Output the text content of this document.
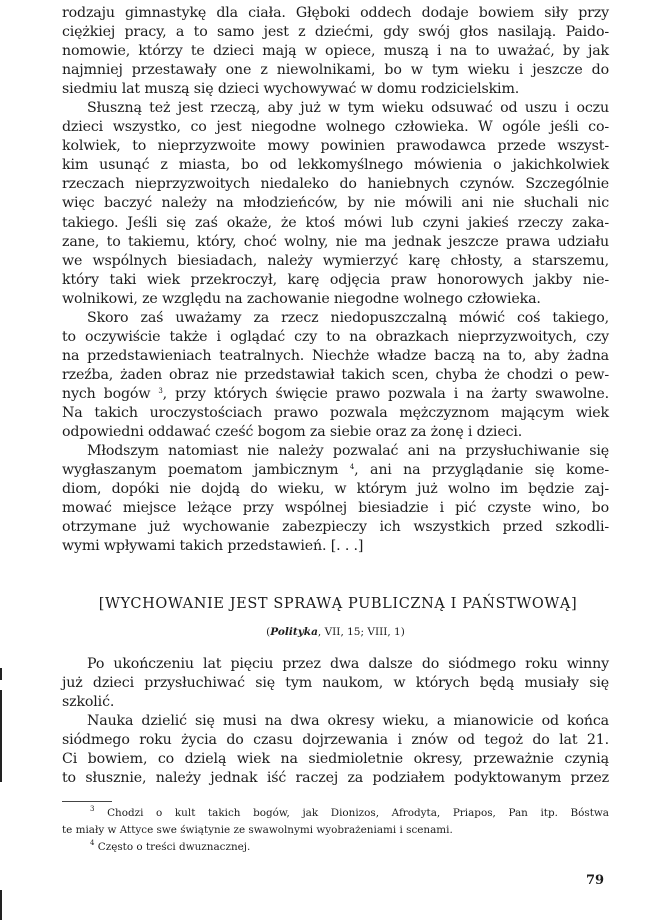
rodzaju gimnastykę dla ciała. Głęboki oddech dodaje bowiem siły przy
ciężkiej pracy, a to samo jest z dziećmi, gdy swój głos nasilają. Paido-
nomowie, którzy te dzieci mają w opiece, muszą i na to uważać, by jak
najmniej przestawały one z niewolnikami, bo w tym wieku i jeszcze do
siedmiu lat muszą się dzieci wychowywać w domu rodzicielskim.
Słuszną też jest rzeczą, aby już w tym wieku odsuwać od uszu i oczu
dzieci wszystko, co jest niegodne wolnego człowieka. W ogóle jeśli co-
kolwiek, to nieprzyzwoite mowy powinien prawodawca przede wszyst-
kim usunąć z miasta, bo od lekkomyślnego mówienia o jakichkolwiek
rzeczach nieprzyzwoitych niedaleko do haniebnych czynów. Szczególnie
więc baczyć należy na młodzieńców, by nie mówili ani nie słuchali nic
takiego. Jeśli się zaś okaże, że ktoś mówi lub czyni jakieś rzeczy zaka-
zane, to takiemu, który, choć wolny, nie ma jednak jeszcze prawa udziału
we wspólnych biesiadach, należy wymierzyć karę chłosty, a starszemu,
który taki wiek przekroczył, karę odjęcia praw honorowych jakby nie-
wolnikowi, ze względu na zachowanie niegodne wolnego człowieka.
Skoro zaś uważamy za rzecz niedopuszczalną mówić coś takiego,
to oczywiście także i oglądać czy to na obrazkach nieprzyzwoitych, czy
na przedstawieniach teatralnych. Niechże władze baczą na to, aby żadna
rzeźba, żaden obraz nie przedstawiał takich scen, chyba że chodzi o pew-
nych bogów $^3$, przy których święcie prawo pozwala i na żarty swawolne.
Na takich uroczystościach prawo pozwala mężczyznom mającym wiek
odpowiedni oddawać cześć bogom za siebie oraz za żonę i dzieci.
Młodszym natomiast nie należy pozwalać ani na przysłuchiwanie się
wygłaszanym poematom jambicznym $^4$, ani na przyglądanie się kome-
diom, dopóki nie dojdą do wieku, w którym już wolno im będzie zaj-
mować miejsce leżące przy wspólnej biesiadzie i pić czyste wino, bo
otrzymane już wychowanie zabezpieczy ich wszystkich przed szkodli-
wymi wpływami takich przedstawień. [. . .]
[WYCHOWANIE JEST SPRAWĄ PUBLICZNĄ I PAŃSTWOWĄ]
(Polityka, VII, 15; VIII, 1)
Po ukończeniu lat pięciu przez dwa dalsze do siódmego roku winny
już dzieci przysłuchiwać się tym naukom, w których będą musiały się
szkolić.
Nauka dzielić się musi na dwa okresy wieku, a mianowicie od końca
siódmego roku życia do czasu dojrzewania i znów od tegoż do lat 21.
Ci bowiem, co dzielą wiek na siedmioletnie okresy, przeważnie czynią
to słusznie, należy jednak iść raczej za podziałem podyktowanym przez
$^3$ Chodzi o kult takich bogów, jak Dionizos, Afrodyta, Priapos, Pan itp. Bóstwa
te miały w Attyce swe świątynie ze swawolnymi wyobrażeniami i scenami.
$^4$ Często o treści dwuznacznej.
79
